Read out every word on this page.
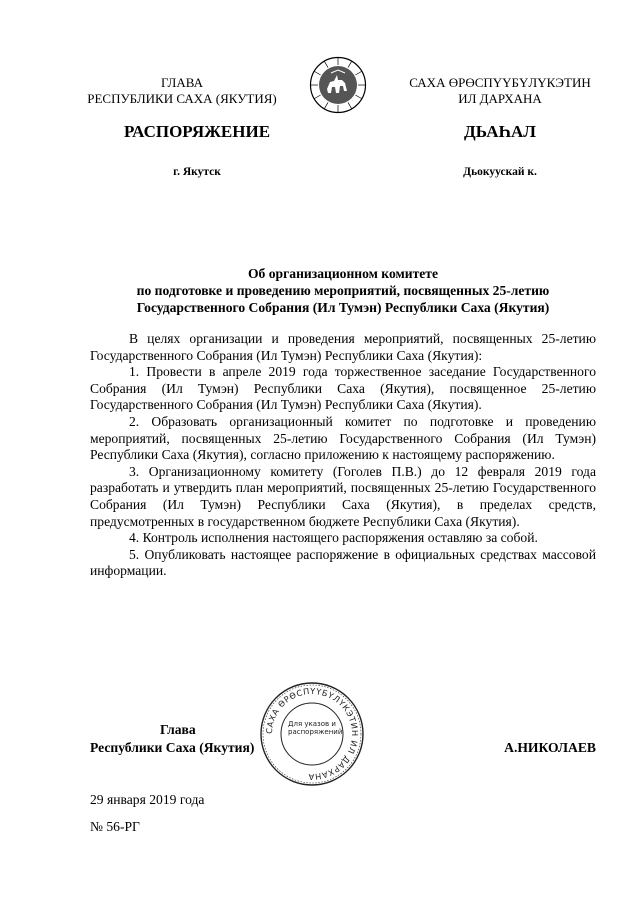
ГЛАВА
РЕСПУБЛИКИ САХА (ЯКУТИЯ)
САХА ӨРӨСПҮҮБҮЛҮКЭТИН
ИЛ ДАРХАНА
РАСПОРЯЖЕНИЕ	ДЬАҺАЛ
г. Якутск	Дьокуускай к.
Об организационном комитете
по подготовке и проведению мероприятий, посвященных 25-летию
Государственного Собрания (Ил Тумэн) Республики Саха (Якутия)

В целях организации и проведения мероприятий, посвященных 25-летию Государственного Собрания (Ил Тумэн) Республики Саха (Якутия):

1. Провести в апреле 2019 года торжественное заседание Государственного Собрания (Ил Тумэн) Республики Саха (Якутия), посвященное 25-летию Государственного Собрания (Ил Тумэн) Республики Саха (Якутия).

2. Образовать организационный комитет по подготовке и проведению мероприятий, посвященных 25-летию Государственного Собрания (Ил Тумэн) Республики Саха (Якутия), согласно приложению к настоящему распоряжению.

3. Организационному комитету (Гоголев П.В.) до 12 февраля 2019 года разработать и утвердить план мероприятий, посвященных 25-летию Государственного Собрания (Ил Тумэн) Республики Саха (Якутия), в пределах средств, предусмотренных в государственном бюджете Республики Саха (Якутия).

4. Контроль исполнения настоящего распоряжения оставляю за собой.

5. Опубликовать настоящее распоряжение в официальных средствах массовой информации.

Глава
Республики Саха (Якутия)	А.НИКОЛАЕВ
САХА ӨРӨСПҮҮБҮЛҮКЭТИН ИЛ ДАРХАНА
Для указов и распоряжений
29 января 2019 года
№ 56-РГ
